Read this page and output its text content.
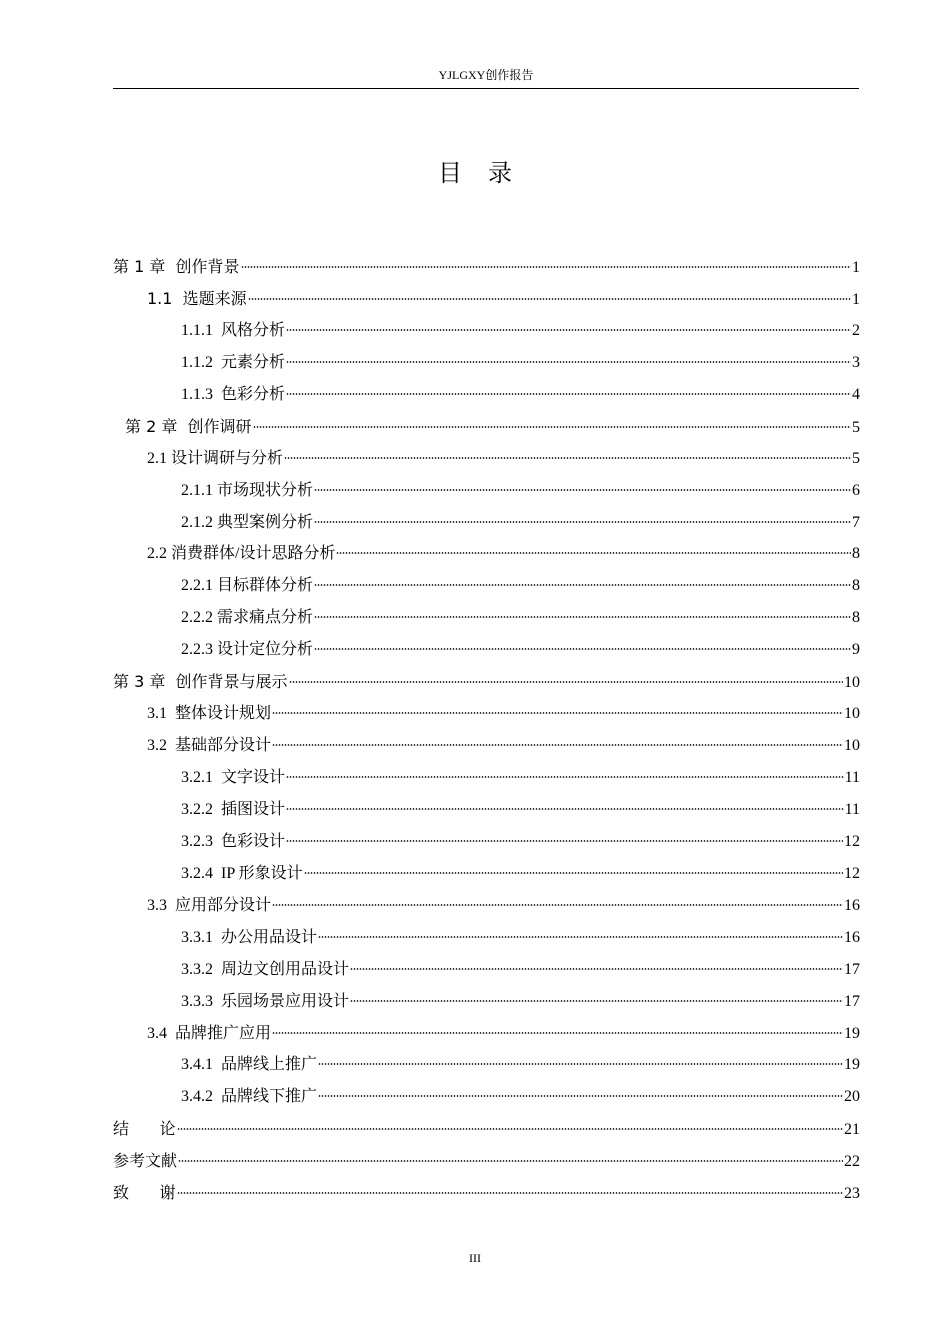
YJLGXY创作报告
目录
第 1 章  创作背景	1
1.1  选题来源	1
1.1.1  风格分析	2
1.1.2  元素分析	3
1.1.3  色彩分析	4
第 2 章  创作调研	5
2.1 设计调研与分析	5
2.1.1 市场现状分析	6
2.1.2 典型案例分析	7
2.2 消费群体/设计思路分析	8
2.2.1 目标群体分析	8
2.2.2 需求痛点分析	8
2.2.3 设计定位分析	9
第 3 章  创作背景与展示	10
3.1  整体设计规划	10
3.2  基础部分设计	10
3.2.1  文字设计	11
3.2.2  插图设计	11
3.2.3  色彩设计	12
3.2.4  IP 形象设计	12
3.3  应用部分设计	16
3.3.1  办公用品设计	16
3.3.2  周边文创用品设计	17
3.3.3  乐园场景应用设计	17
3.4  品牌推广应用	19
3.4.1  品牌线上推广	19
3.4.2  品牌线下推广	20
结      论	21
参考文献	22
致      谢	23
III
